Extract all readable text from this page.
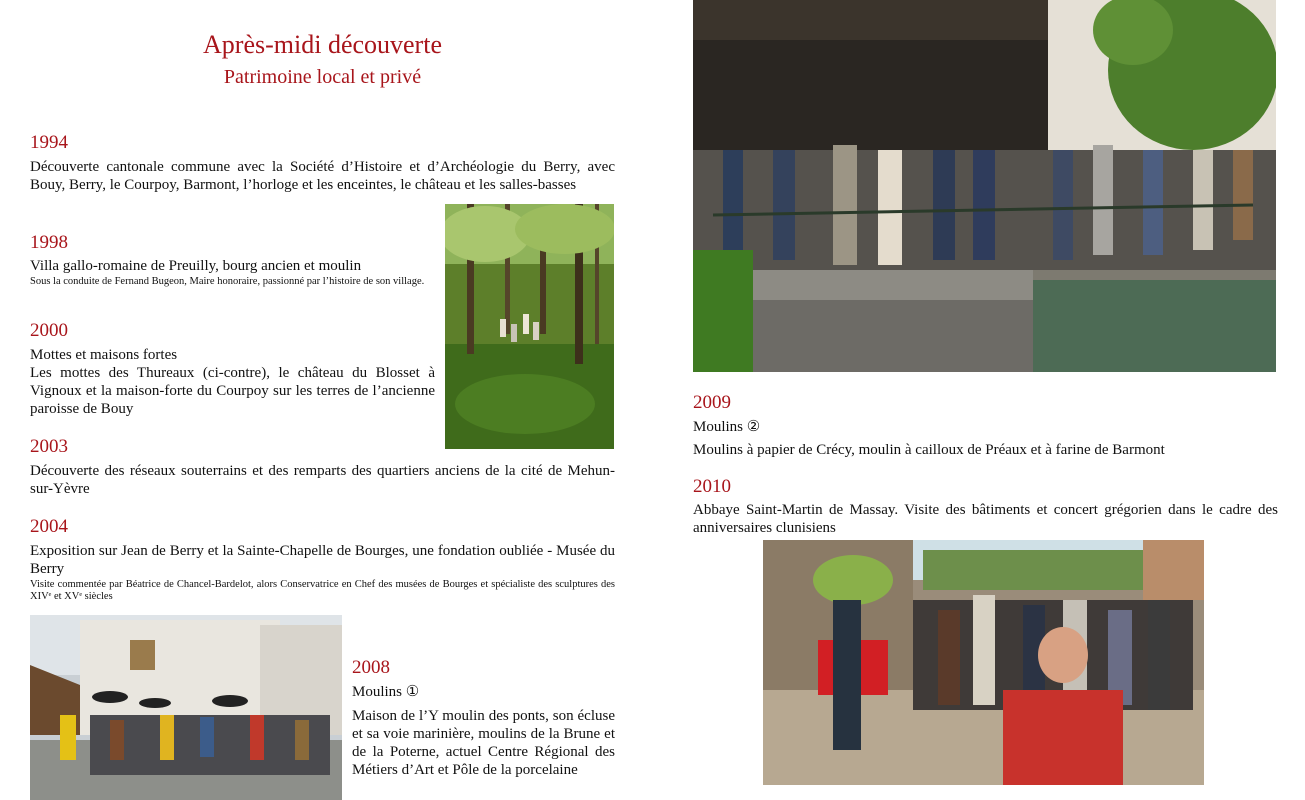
Après-midi découverte
Patrimoine local et privé
1994
Découverte cantonale commune avec la Société d’Histoire et d’Archéologie du Berry, avec Bouy, Berry, le Courpoy, Barmont, l’horloge et les enceintes, le château et les salles-basses
1998
Villa gallo-romaine de Preuilly, bourg ancien et moulin
Sous la conduite de Fernand Bugeon, Maire honoraire, passionné par l’histoire de son village.
2000
Mottes et maisons fortes
Les mottes des Thureaux (ci-contre), le château du Blosset à Vignoux et la maison-forte du Courpoy sur les terres de l’ancienne paroisse de Bouy
2003
Découverte des réseaux souterrains et des remparts des quartiers anciens de la cité de Mehun-sur-Yèvre
2004
Exposition sur Jean de Berry et la Sainte-Chapelle de Bourges, une fondation oubliée - Musée du Berry
Visite commentée par Béatrice de Chancel-Bardelot, alors Conservatrice en Chef des musées de Bourges et spécialiste des sculptures des XIVᵉ et XVᵉ siècles
2008
Moulins ①
Maison de l’Y moulin des ponts, son écluse et sa voie marinière, moulins de la Brune et de la Poterne, actuel Centre Régional des Métiers d’Art et Pôle de la porcelaine
2009
Moulins ②
Moulins à papier de Crécy, moulin à cailloux de Préaux et à farine de Barmont
2010
Abbaye Saint-Martin de Massay. Visite des bâtiments et concert grégorien dans le cadre des anniversaires clunisiens
